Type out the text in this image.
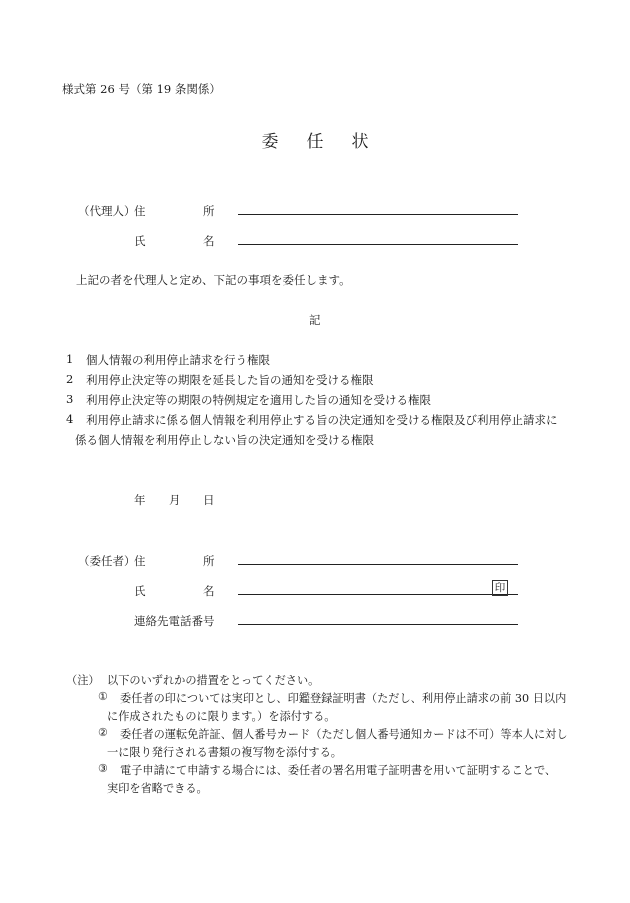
様式第 26 号（第 19 条関係）
委 任 状
（代理人）
住	所
氏	名
上記の者を代理人と定め、下記の事項を委任します。
記
1 個人情報の利用停止請求を行う権限
2 利用停止決定等の期限を延長した旨の通知を受ける権限
3 利用停止決定等の期限の特例規定を適用した旨の通知を受ける権限
4 利用停止請求に係る個人情報を利用停止する旨の決定通知を受ける権限及び利用停止請求に
係る個人情報を利用停止しない旨の決定通知を受ける権限
年 月 日
（委任者）
住	所
氏	名	印
連絡先電話番号
（注） 以下のいずれかの措置をとってください。
① 委任者の印については実印とし、印鑑登録証明書（ただし、利用停止請求の前 30 日以内
に作成されたものに限ります。）を添付する。
② 委任者の運転免許証、個人番号カード（ただし個人番号通知カードは不可）等本人に対し
一に限り発行される書類の複写物を添付する。
③ 電子申請にて申請する場合には、委任者の署名用電子証明書を用いて証明することで、
実印を省略できる。
